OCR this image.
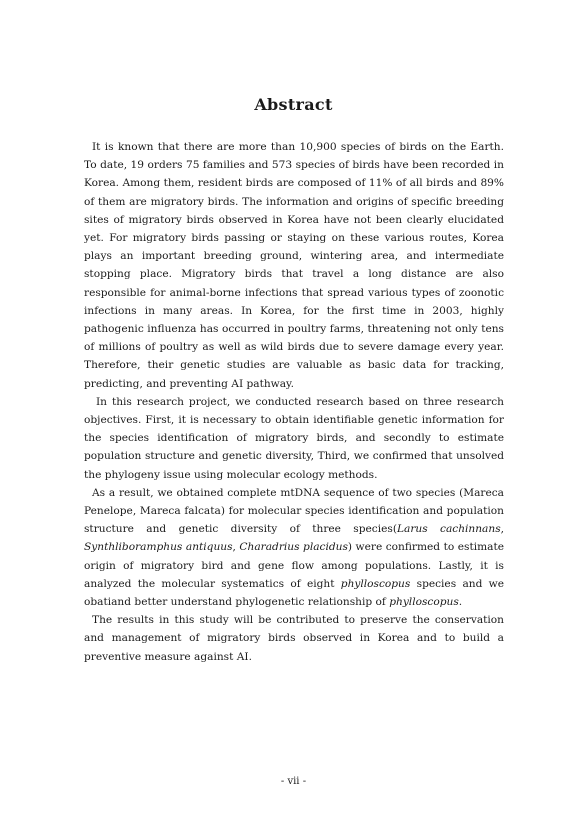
Abstract

It is known that there are more than 10,900 species of birds on the Earth. To date, 19 orders 75 families and 573 species of birds have been recorded in Korea. Among them, resident birds are composed of 11% of all birds and 89% of them are migratory birds. The information and origins of specific breeding sites of migratory birds observed in Korea have not been clearly elucidated yet. For migratory birds passing or staying on these various routes, Korea plays an important breeding ground, wintering area, and intermediate stopping place. Migratory birds that travel a long distance are also responsible for animal-borne infections that spread various types of zoonotic infections in many areas. In Korea, for the first time in 2003, highly pathogenic influenza has occurred in poultry farms, threatening not only tens of millions of poultry as well as wild birds due to severe damage every year. Therefore, their genetic studies are valuable as basic data for tracking, predicting, and preventing AI pathway.

In this research project, we conducted research based on three research objectives. First, it is necessary to obtain identifiable genetic information for the species identification of migratory birds, and secondly to estimate population structure and genetic diversity, Third, we confirmed that unsolved the phylogeny issue using molecular ecology methods.

As a result, we obtained complete mtDNA sequence of two species (Mareca Penelope, Mareca falcata) for molecular species identification and population structure and genetic diversity of three species(Larus cachinnans, Synthliboramphus antiquus, Charadrius placidus) were confirmed to estimate origin of migratory bird and gene flow among populations. Lastly, it is analyzed the molecular systematics of eight phylloscopus species and we obatiand better understand phylogenetic relationship of phylloscopus.

The results in this study will be contributed to preserve the conservation and management of migratory birds observed in Korea and to build a preventive measure against AI.

- vii -
